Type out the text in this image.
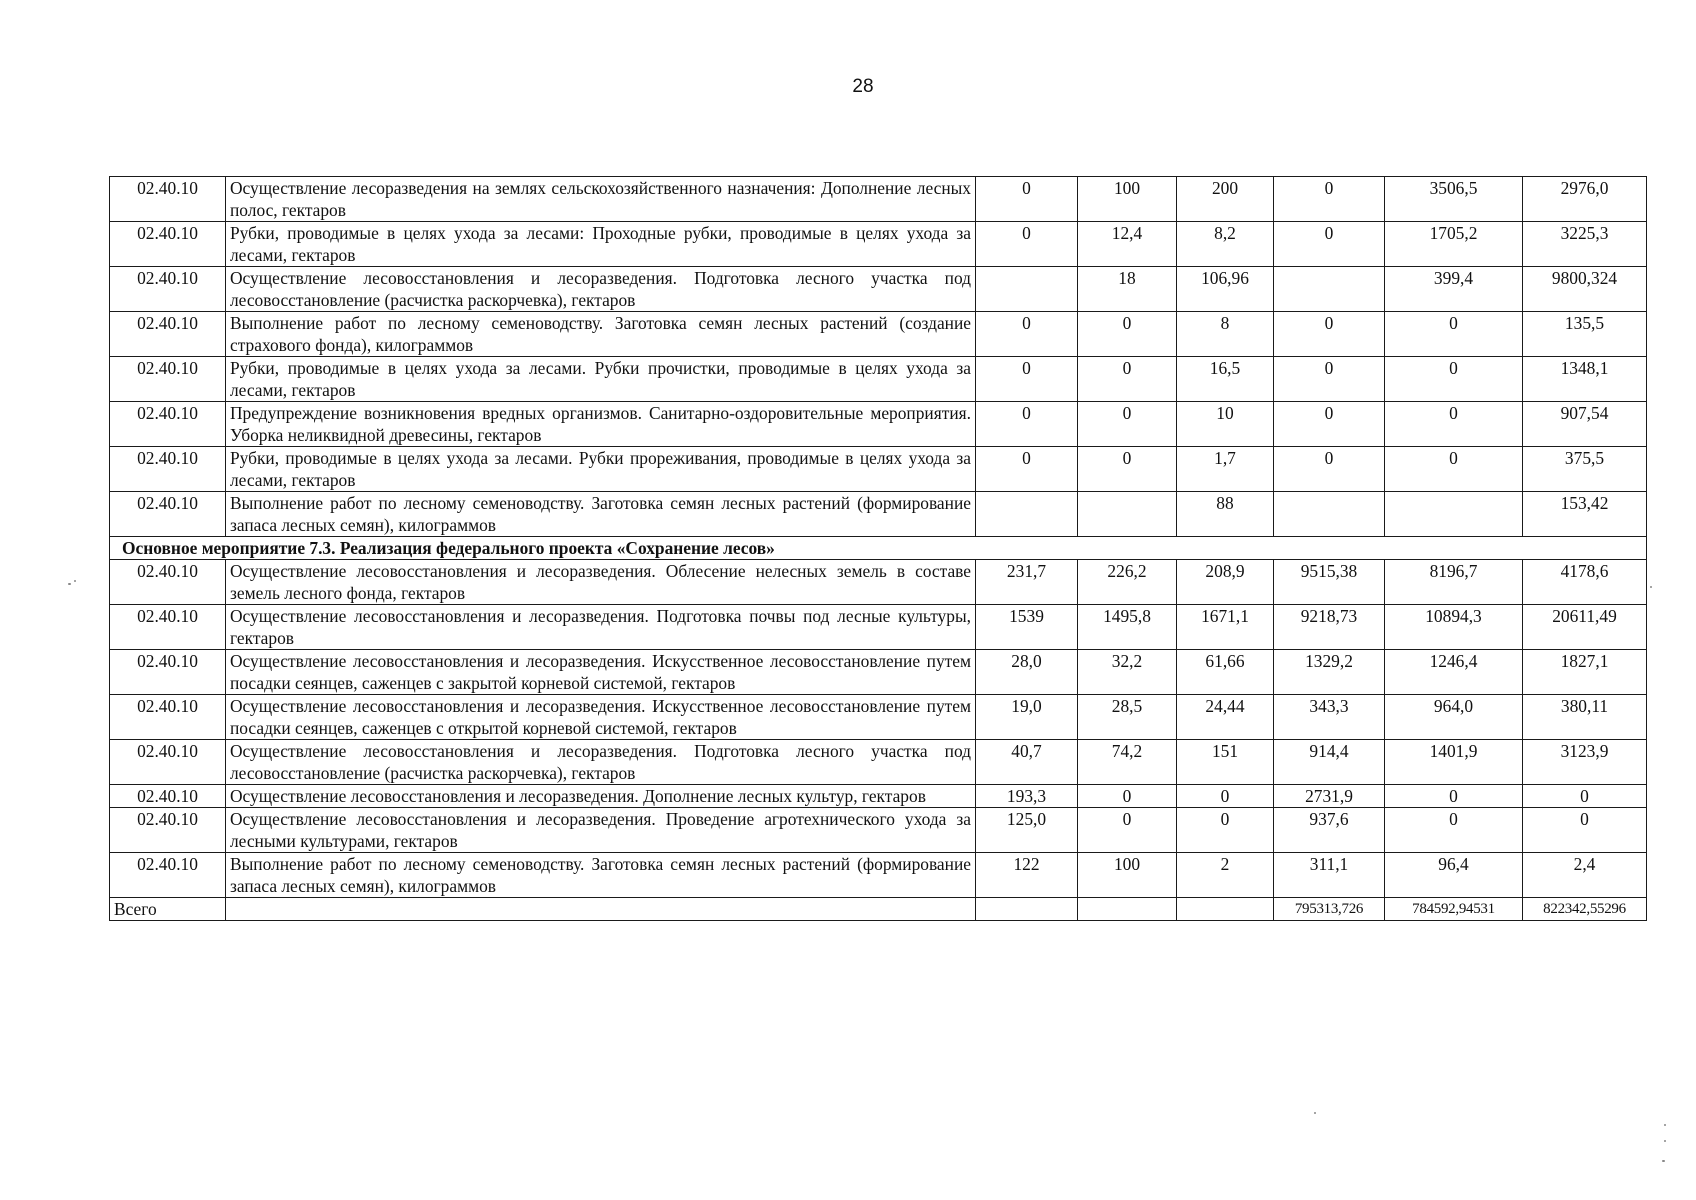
28
02.40.10	Осуществление лесоразведения на землях сельскохозяйственного назначения: Дополнение лесных полос, гектаров	0	100	200	0	3506,5	2976,0
02.40.10	Рубки, проводимые в целях ухода за лесами: Проходные рубки, проводимые в целях ухода за лесами, гектаров	0	12,4	8,2	0	1705,2	3225,3
02.40.10	Осуществление лесовосстановления и лесоразведения. Подготовка лесного участка под лесовосстановление (расчистка раскорчевка), гектаров		18	106,96		399,4	9800,324
02.40.10	Выполнение работ по лесному семеноводству. Заготовка семян лесных растений (создание страхового фонда), килограммов	0	0	8	0	0	135,5
02.40.10	Рубки, проводимые в целях ухода за лесами. Рубки прочистки, проводимые в целях ухода за лесами, гектаров	0	0	16,5	0	0	1348,1
02.40.10	Предупреждение возникновения вредных организмов. Санитарно-оздоровительные мероприятия. Уборка неликвидной древесины, гектаров	0	0	10	0	0	907,54
02.40.10	Рубки, проводимые в целях ухода за лесами. Рубки прореживания, проводимые в целях ухода за лесами, гектаров	0	0	1,7	0	0	375,5
02.40.10	Выполнение работ по лесному семеноводству. Заготовка семян лесных растений (формирование запаса лесных семян), килограммов			88			153,42
Основное мероприятие 7.3. Реализация федерального проекта «Сохранение лесов»							
02.40.10	Осуществление лесовосстановления и лесоразведения. Облесение нелесных земель в составе земель лесного фонда, гектаров	231,7	226,2	208,9	9515,38	8196,7	4178,6
02.40.10	Осуществление лесовосстановления и лесоразведения. Подготовка почвы под лесные культуры, гектаров	1539	1495,8	1671,1	9218,73	10894,3	20611,49
02.40.10	Осуществление лесовосстановления и лесоразведения. Искусственное лесовосстановление путем посадки сеянцев, саженцев с закрытой корневой системой, гектаров	28,0	32,2	61,66	1329,2	1246,4	1827,1
02.40.10	Осуществление лесовосстановления и лесоразведения. Искусственное лесовосстановление путем посадки сеянцев, саженцев с открытой корневой системой, гектаров	19,0	28,5	24,44	343,3	964,0	380,11
02.40.10	Осуществление лесовосстановления и лесоразведения. Подготовка лесного участка под лесовосстановление (расчистка раскорчевка), гектаров	40,7	74,2	151	914,4	1401,9	3123,9
02.40.10	Осуществление лесовосстановления и лесоразведения. Дополнение лесных культур, гектаров	193,3	0	0	2731,9	0	0
02.40.10	Осуществление лесовосстановления и лесоразведения. Проведение агротехнического ухода за лесными культурами, гектаров	125,0	0	0	937,6	0	0
02.40.10	Выполнение работ по лесному семеноводству. Заготовка семян лесных растений (формирование запаса лесных семян), килограммов	122	100	2	311,1	96,4	2,4
Всего					795313,726	784592,94531	822342,55296
